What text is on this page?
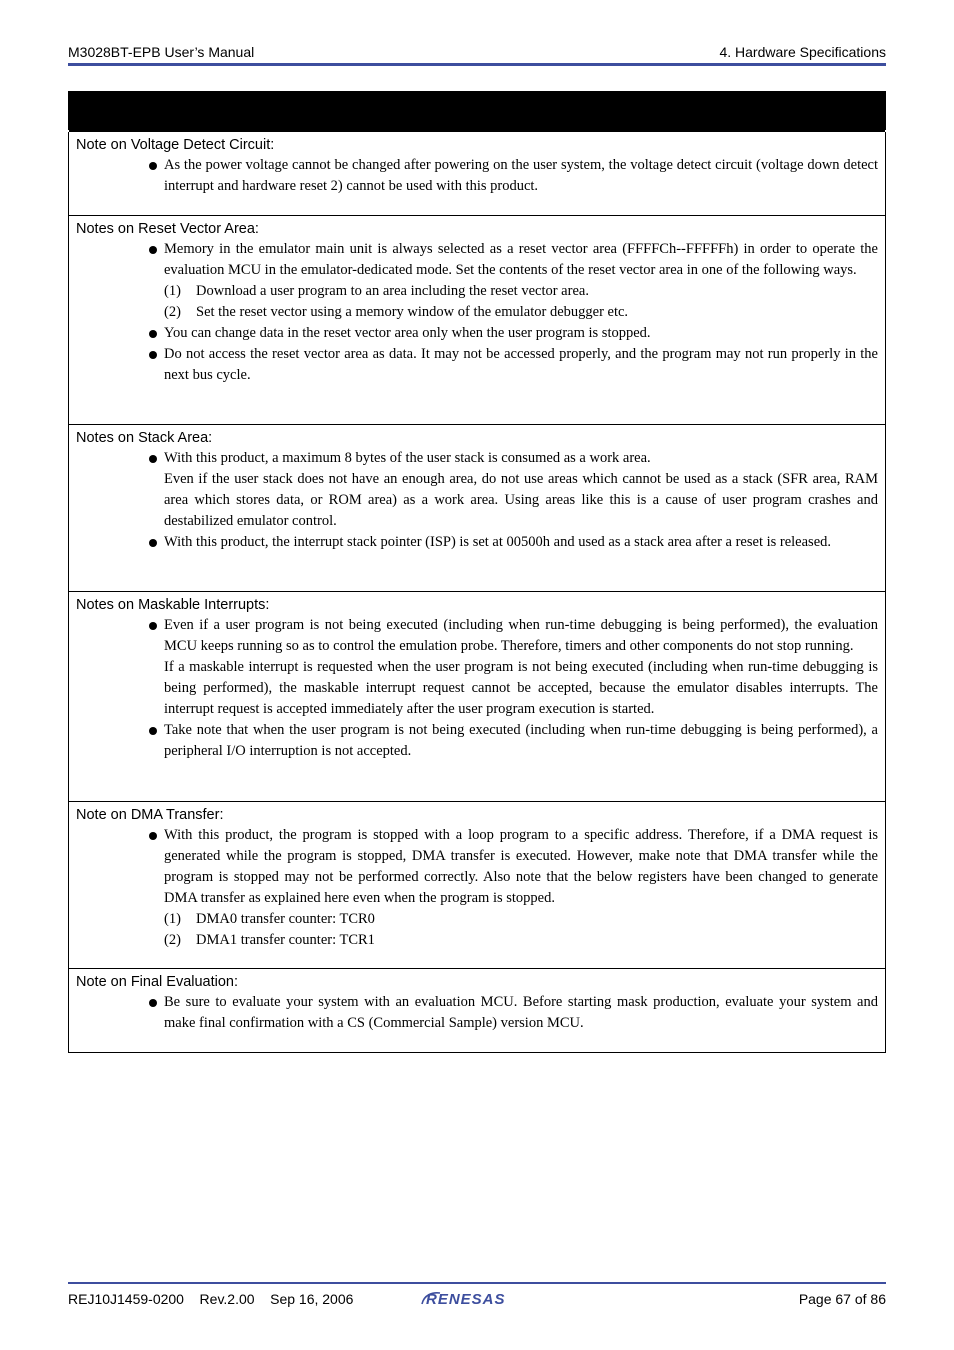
M3028BT-EPB User’s Manual	4. Hardware Specifications
Note on Voltage Detect Circuit:
As the power voltage cannot be changed after powering on the user system, the voltage detect circuit (voltage down detect interrupt and hardware reset 2) cannot be used with this product.
Notes on Reset Vector Area:
Memory in the emulator main unit is always selected as a reset vector area (FFFFCh--FFFFFh) in order to operate the evaluation MCU in the emulator-dedicated mode. Set the contents of the reset vector area in one of the following ways.
(1) Download a user program to an area including the reset vector area.
(2) Set the reset vector using a memory window of the emulator debugger etc.
You can change data in the reset vector area only when the user program is stopped.
Do not access the reset vector area as data. It may not be accessed properly, and the program may not run properly in the next bus cycle.
Notes on Stack Area:
With this product, a maximum 8 bytes of the user stack is consumed as a work area.
Even if the user stack does not have an enough area, do not use areas which cannot be used as a stack (SFR area, RAM area which stores data, or ROM area) as a work area. Using areas like this is a cause of user program crashes and destabilized emulator control.
With this product, the interrupt stack pointer (ISP) is set at 00500h and used as a stack area after a reset is released.
Notes on Maskable Interrupts:
Even if a user program is not being executed (including when run-time debugging is being performed), the evaluation MCU keeps running so as to control the emulation probe. Therefore, timers and other components do not stop running.
If a maskable interrupt is requested when the user program is not being executed (including when run-time debugging is being performed), the maskable interrupt request cannot be accepted, because the emulator disables interrupts. The interrupt request is accepted immediately after the user program execution is started.
Take note that when the user program is not being executed (including when run-time debugging is being performed), a peripheral I/O interruption is not accepted.
Note on DMA Transfer:
With this product, the program is stopped with a loop program to a specific address. Therefore, if a DMA request is generated while the program is stopped, DMA transfer is executed. However, make note that DMA transfer while the program is stopped may not be performed correctly. Also note that the below registers have been changed to generate DMA transfer as explained here even when the program is stopped.
(1) DMA0 transfer counter: TCR0
(2) DMA1 transfer counter: TCR1
Note on Final Evaluation:
Be sure to evaluate your system with an evaluation MCU. Before starting mask production, evaluate your system and make final confirmation with a CS (Commercial Sample) version MCU.
REJ10J1459-0200 Rev.2.00 Sep 16, 2006	RENESAS	Page 67 of 86
